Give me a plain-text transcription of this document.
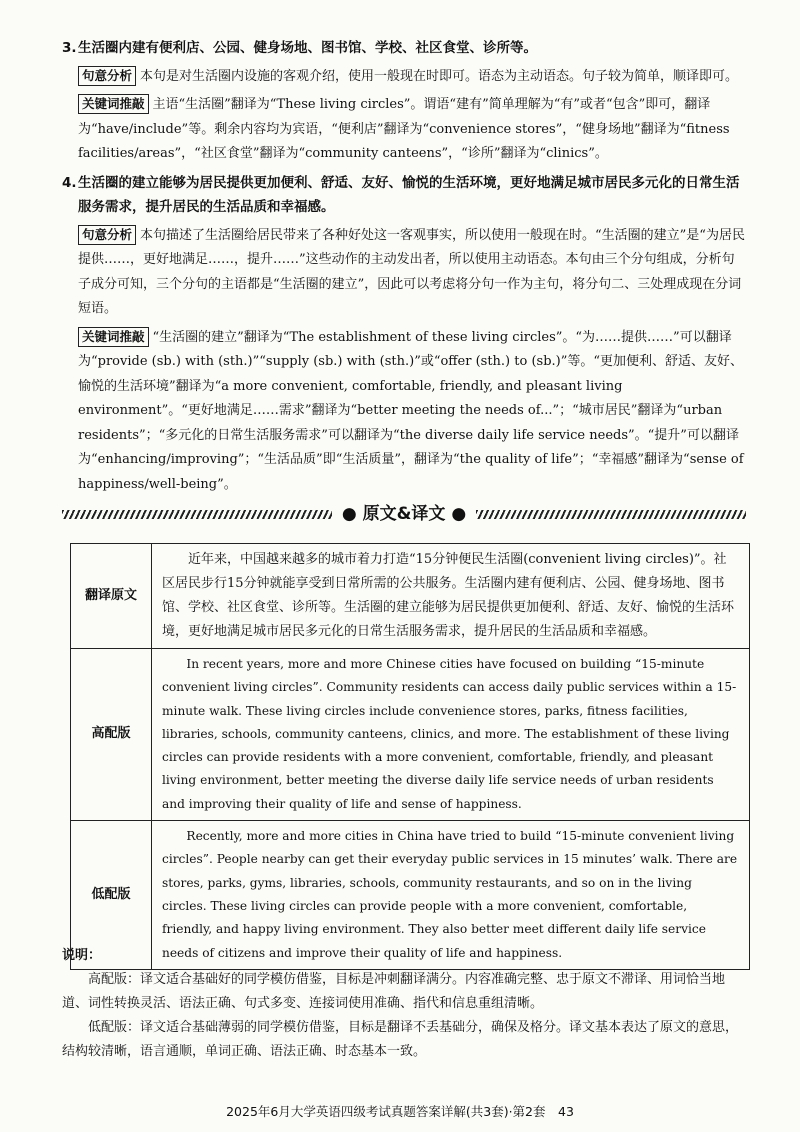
3. 生活圈内建有便利店、公园、健身场地、图书馆、学校、社区食堂、诊所等。
句意分析 本句是对生活圈内设施的客观介绍，使用一般现在时即可。语态为主动语态。句子较为简单，顺译即可。
关键词推敲 主语“生活圈”翻译为“These living circles”。谓语“建有”简单理解为“有”或者“包含”即可，翻译为“have/include”等。剩余内容均为宾语，“便利店”翻译为“convenience stores”，“健身场地”翻译为“fitness facilities/areas”，“社区食堂”翻译为“community canteens”，“诊所”翻译为“clinics”。
4. 生活圈的建立能够为居民提供更加便利、舒适、友好、愉悦的生活环境，更好地满足城市居民多元化的日常生活服务需求，提升居民的生活品质和幸福感。
句意分析 本句描述了生活圈给居民带来了各种好处这一客观事实，所以使用一般现在时。“生活圈的建立”是“为居民提供……，更好地满足……，提升……”这些动作的主动发出者，所以使用主动语态。本句由三个分句组成，分析句子成分可知，三个分句的主语都是“生活圈的建立”，因此可以考虑将分句一作为主句，将分句二、三处理成现在分词短语。
关键词推敲 “生活圈的建立”翻译为“The establishment of these living circles”。“为……提供……”可以翻译为“provide (sb.) with (sth.)”“supply (sb.) with (sth.)”或“offer (sth.) to (sb.)”等。“更加便利、舒适、友好、愉悦的生活环境”翻译为“a more convenient, comfortable, friendly, and pleasant living environment”。“更好地满足……需求”翻译为“better meeting the needs of...”；“城市居民”翻译为“urban residents”；“多元化的日常生活服务需求”可以翻译为“the diverse daily life service needs”。“提升”可以翻译为“enhancing/improving”；“生活品质”即“生活质量”，翻译为“the quality of life”；“幸福感”翻译为“sense of happiness/well-being”。
● 原文&译文 ●
翻译原文	近年来，中国越来越多的城市着力打造“15分钟便民生活圈(convenient living circles)”。社区居民步行15分钟就能享受到日常所需的公共服务。生活圈内建有便利店、公园、健身场地、图书馆、学校、社区食堂、诊所等。生活圈的建立能够为居民提供更加便利、舒适、友好、愉悦的生活环境，更好地满足城市居民多元化的日常生活服务需求，提升居民的生活品质和幸福感。
高配版	In recent years, more and more Chinese cities have focused on building “15-minute convenient living circles”. Community residents can access daily public services within a 15-minute walk. These living circles include convenience stores, parks, fitness facilities, libraries, schools, community canteens, clinics, and more. The establishment of these living circles can provide residents with a more convenient, comfortable, friendly, and pleasant living environment, better meeting the diverse daily life service needs of urban residents and improving their quality of life and sense of happiness.
低配版	Recently, more and more cities in China have tried to build “15-minute convenient living circles”. People nearby can get their everyday public services in 15 minutes’ walk. There are stores, parks, gyms, libraries, schools, community restaurants, and so on in the living circles. These living circles can provide people with a more convenient, comfortable, friendly, and happy living environment. They also better meet different daily life service needs of citizens and improve their quality of life and happiness.
说明：
高配版：译文适合基础好的同学模仿借鉴，目标是冲刺翻译满分。内容准确完整、忠于原文不滞译、用词恰当地道、词性转换灵活、语法正确、句式多变、连接词使用准确、指代和信息重组清晰。
低配版：译文适合基础薄弱的同学模仿借鉴，目标是翻译不丢基础分，确保及格分。译文基本表达了原文的意思，结构较清晰，语言通顺，单词正确、语法正确、时态基本一致。
2025年6月大学英语四级考试真题答案详解(共3套)·第2套　43
